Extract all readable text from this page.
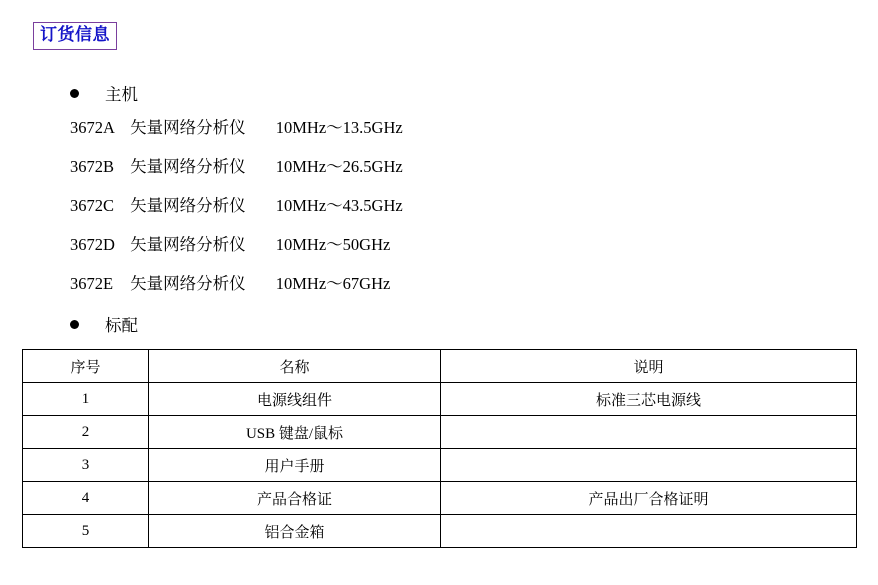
订货信息
主机
3672A 矢量网络分析仪 10MHz～13.5GHz
3672B 矢量网络分析仪 10MHz～26.5GHz
3672C 矢量网络分析仪 10MHz～43.5GHz
3672D 矢量网络分析仪 10MHz～50GHz
3672E 矢量网络分析仪 10MHz～67GHz
标配
序号	名称	说明
1	电源线组件	标准三芯电源线
2	USB 键盘/鼠标	
3	用户手册	
4	产品合格证	产品出厂合格证明
5	铝合金箱	
